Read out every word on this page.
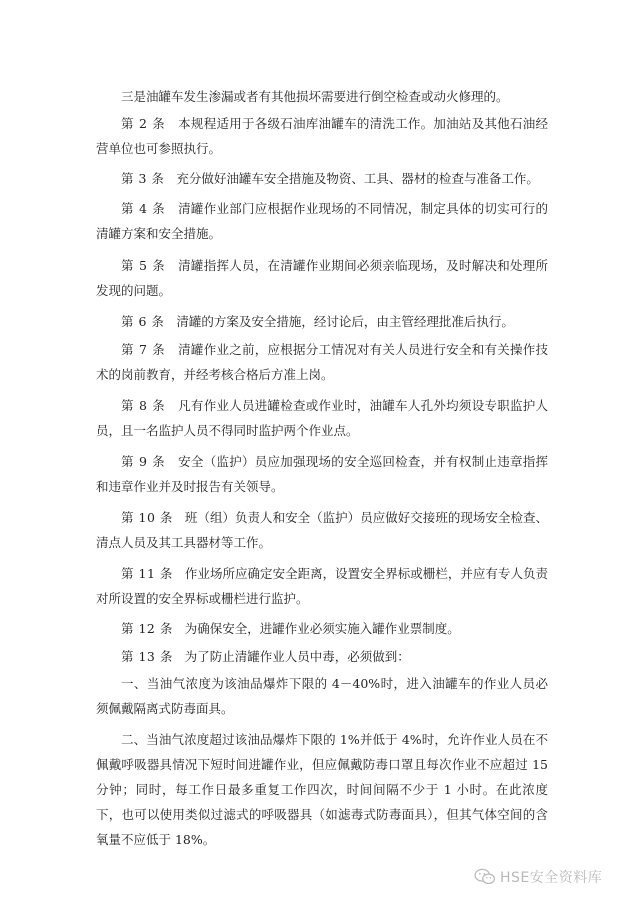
三是油罐车发生渗漏或者有其他损坏需要进行倒空检查或动火修理的。

第 2 条 本规程适用于各级石油库油罐车的清洗工作。加油站及其他石油经营单位也可参照执行。

第 3 条 充分做好油罐车安全措施及物资、工具、器材的检查与准备工作。

第 4 条 清罐作业部门应根据作业现场的不同情况，制定具体的切实可行的清罐方案和安全措施。

第 5 条 清罐指挥人员，在清罐作业期间必须亲临现场，及时解决和处理所发现的问题。

第 6 条 清罐的方案及安全措施，经讨论后，由主管经理批准后执行。

第 7 条 清罐作业之前，应根据分工情况对有关人员进行安全和有关操作技术的岗前教育，并经考核合格后方准上岗。

第 8 条 凡有作业人员进罐检查或作业时，油罐车人孔外均须设专职监护人员，且一名监护人员不得同时监护两个作业点。

第 9 条 安全（监护）员应加强现场的安全巡回检查，并有权制止违章指挥和违章作业并及时报告有关领导。

第 10 条 班（组）负责人和安全（监护）员应做好交接班的现场安全检查、清点人员及其工具器材等工作。

第 11 条 作业场所应确定安全距离，设置安全界标或栅栏，并应有专人负责对所设置的安全界标或栅栏进行监护。

第 12 条 为确保安全，进罐作业必须实施入罐作业票制度。

第 13 条 为了防止清罐作业人员中毒，必须做到：

一、当油气浓度为该油品爆炸下限的 4－40%时，进入油罐车的作业人员必须佩戴隔离式防毒面具。

二、当油气浓度超过该油品爆炸下限的 1%并低于 4%时，允许作业人员在不佩戴呼吸器具情况下短时间进罐作业，但应佩戴防毒口罩且每次作业不应超过 15 分钟；同时，每工作日最多重复工作四次，时间间隔不少于 1 小时。在此浓度下，也可以使用类似过滤式的呼吸器具（如滤毒式防毒面具），但其气体空间的含氧量不应低于 18%。

HSE安全资料库
